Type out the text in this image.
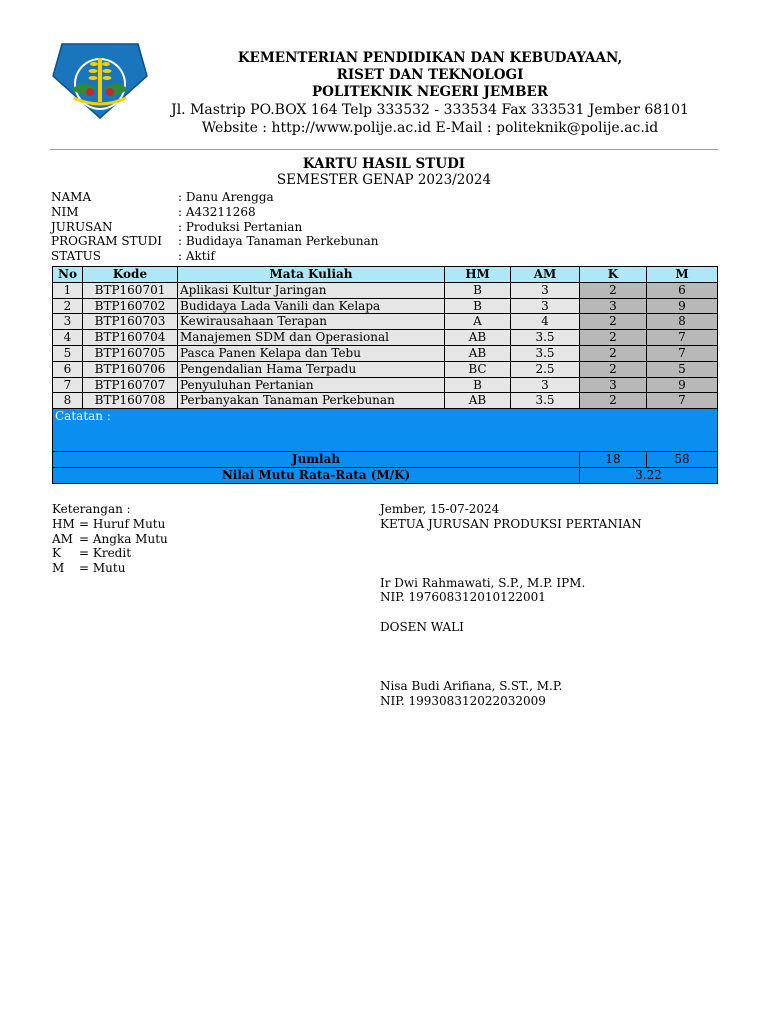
KEMENTERIAN PENDIDIKAN DAN KEBUDAYAAN,
RISET DAN TEKNOLOGI
POLITEKNIK NEGERI JEMBER
Jl. Mastrip PO.BOX 164 Telp 333532 - 333534 Fax 333531 Jember 68101
Website : http://www.polije.ac.id E-Mail : politeknik@polije.ac.id
KARTU HASIL STUDI
SEMESTER GENAP 2023/2024
NAMA	: Danu Arengga
NIM	: A43211268
JURUSAN	: Produksi Pertanian
PROGRAM STUDI	: Budidaya Tanaman Perkebunan
STATUS	: Aktif
No	Kode	Mata Kuliah	HM	AM	K	M
1	BTP160701	Aplikasi Kultur Jaringan	B	3	2	6
2	BTP160702	Budidaya Lada Vanili dan Kelapa	B	3	3	9
3	BTP160703	Kewirausahaan Terapan	A	4	2	8
4	BTP160704	Manajemen SDM dan Operasional	AB	3.5	2	7
5	BTP160705	Pasca Panen Kelapa dan Tebu	AB	3.5	2	7
6	BTP160706	Pengendalian Hama Terpadu	BC	2.5	2	5
7	BTP160707	Penyuluhan Pertanian	B	3	3	9
8	BTP160708	Perbanyakan Tanaman Perkebunan	AB	3.5	2	7
Catatan :						
Jumlah					18	58
Nilai Mutu Rata-Rata (M/K)					3.22	
Keterangan :
HM = Huruf Mutu
AM = Angka Mutu
K	= Kredit
M	= Mutu
Jember, 15-07-2024
KETUA JURUSAN PRODUKSI PERTANIAN
Ir Dwi Rahmawati, S.P., M.P. IPM.
NIP. 197608312010122001
DOSEN WALI
Nisa Budi Arifiana, S.ST., M.P.
NIP. 199308312022032009
